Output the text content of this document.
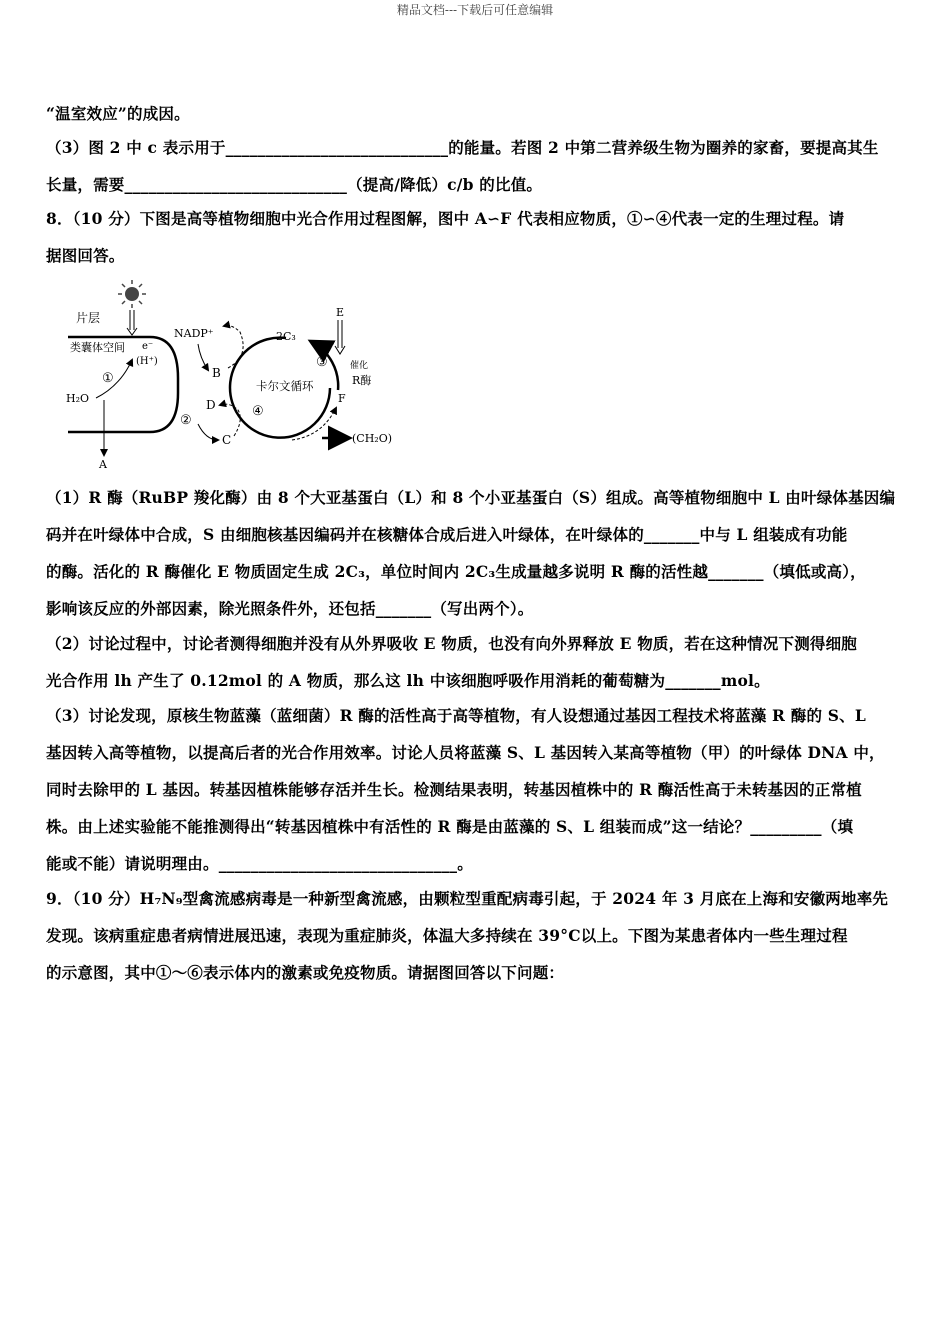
精品文档---下载后可任意编辑
“温室效应”的成因。
（3）图 2 中 c 表示用于____________________________的能量。若图 2 中第二营养级生物为圈养的家畜，要提高其生
长量，需要____________________________（提高/降低）c/b 的比值。
8．（10 分）下图是高等植物细胞中光合作用过程图解，图中 A∽F 代表相应物质，①∽④代表一定的生理过程。请
据图回答。
片层
类囊体空间 e⁻
(H⁺)
H₂O
①
A
NADP⁺
B
D
C
②
2C₃
卡尔文循环
④
③
E
催化
R酶
F
(CH₂O)
（1）R 酶（RuBP 羧化酶）由 8 个大亚基蛋白（L）和 8 个小亚基蛋白（S）组成。高等植物细胞中 L 由叶绿体基因编
码并在叶绿体中合成，S 由细胞核基因编码并在核糖体合成后进入叶绿体，在叶绿体的_______中与 L 组装成有功能
的酶。活化的 R 酶催化 E 物质固定生成 2C₃，单位时间内 2C₃生成量越多说明 R 酶的活性越_______（填低或高），
影响该反应的外部因素，除光照条件外，还包括_______（写出两个）。
（2）讨论过程中，讨论者测得细胞并没有从外界吸收 E 物质，也没有向外界释放 E 物质，若在这种情况下测得细胞
光合作用 lh 产生了 0.12mol 的 A 物质，那么这 lh 中该细胞呼吸作用消耗的葡萄糖为_______mol。
（3）讨论发现，原核生物蓝藻（蓝细菌）R 酶的活性高于高等植物，有人设想通过基因工程技术将蓝藻 R 酶的 S、L
基因转入高等植物，以提高后者的光合作用效率。讨论人员将蓝藻 S、L 基因转入某高等植物（甲）的叶绿体 DNA 中，
同时去除甲的 L 基因。转基因植株能够存活并生长。检测结果表明，转基因植株中的 R 酶活性高于未转基因的正常植
株。由上述实验能不能推测得出“转基因植株中有活性的 R 酶是由蓝藻的 S、L 组装而成”这一结论？_________（填
能或不能）请说明理由。______________________________。
9．（10 分）H₇N₉型禽流感病毒是一种新型禽流感，由颗粒型重配病毒引起，于 2024 年 3 月底在上海和安徽两地率先
发现。该病重症患者病情进展迅速，表现为重症肺炎，体温大多持续在 39°C以上。下图为某患者体内一些生理过程
的示意图，其中①～⑥表示体内的激素或免疫物质。请据图回答以下问题：
